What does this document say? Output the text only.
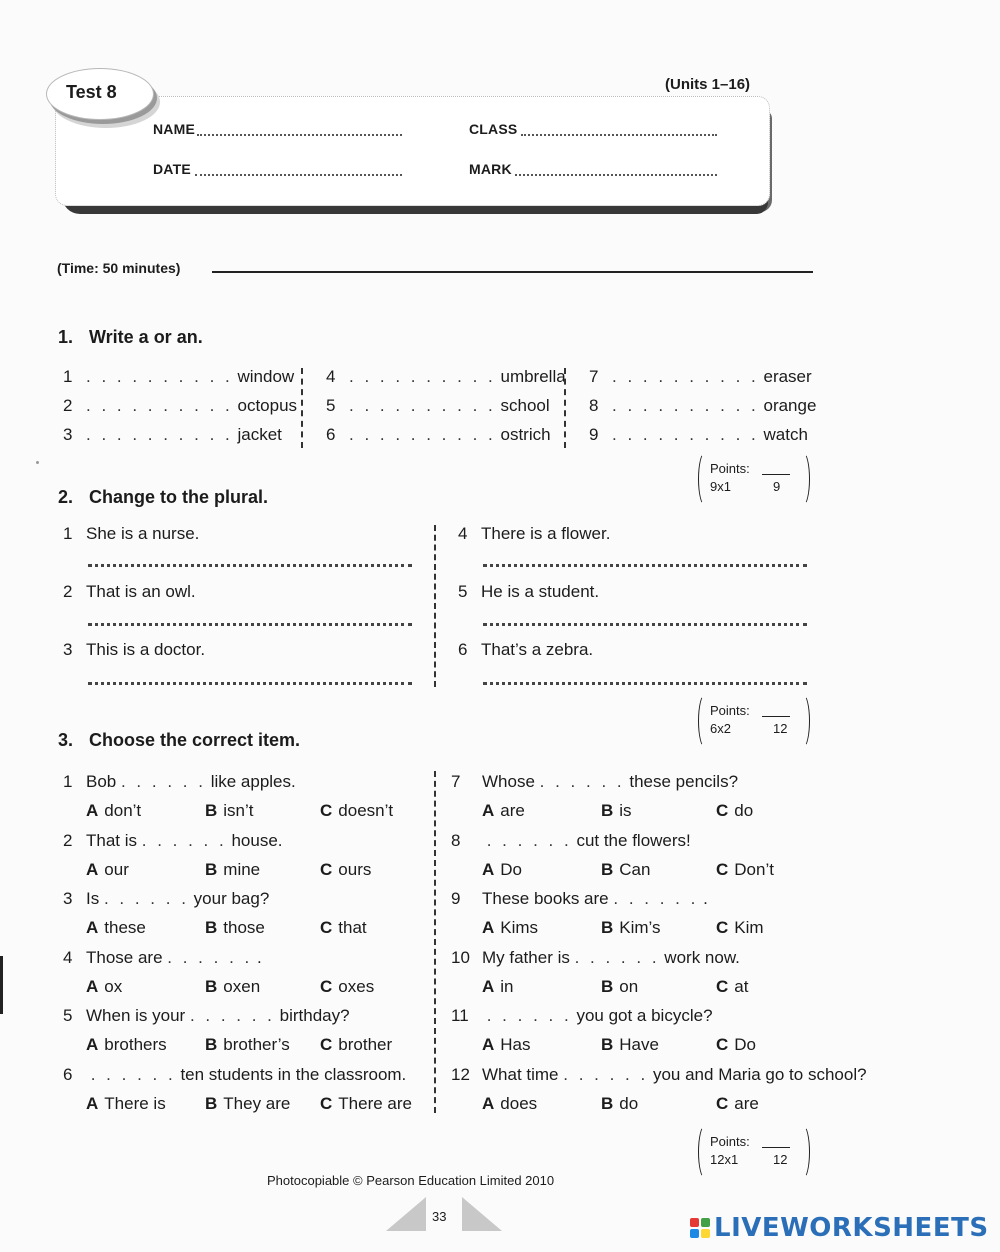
Test 8	(Units 1–16)
NAME	CLASS
DATE	MARK
(Time: 50 minutes)
1. Write a or an.
1 . . . . . . . . . . window
2 . . . . . . . . . . octopus
3 . . . . . . . . . . jacket
4 . . . . . . . . . . umbrella
5 . . . . . . . . . . school
6 . . . . . . . . . . ostrich
7 . . . . . . . . . . eraser
8 . . . . . . . . . . orange
9 . . . . . . . . . . watch
Points:
9x1	9
2. Change to the plural.
1 She is a nurse.
2 That is an owl.
3 This is a doctor.
4 There is a flower.
5 He is a student.
6 That’s a zebra.
Points:
6x2	12
3. Choose the correct item.
1 Bob . . . . . . like apples.
A don’t	B isn’t	C doesn’t
2 That is . . . . . . house.
A our	B mine	C ours
3 Is . . . . . . your bag?
A these	B those	C that
4 Those are . . . . . . .
A ox	B oxen	C oxes
5 When is your . . . . . . birthday?
A brothers B brother’s C brother
6 . . . . . . ten students in the classroom.
A There is B They are C There are
7 Whose . . . . . . these pencils?
A are	B is	C do
8 . . . . . . cut the flowers!
A Do	B Can	C Don’t
9 These books are . . . . . . .
A Kims	B Kim’s	C Kim
10 My father is . . . . . . work now.
A in	B on	C at
11 . . . . . . you got a bicycle?
A Has	B Have	C Do
12 What time . . . . . . you and Maria go to school?
A does	B do	C are
Points:
12x1	12
Photocopiable © Pearson Education Limited 2010
33	LIVEWORKSHEETS
